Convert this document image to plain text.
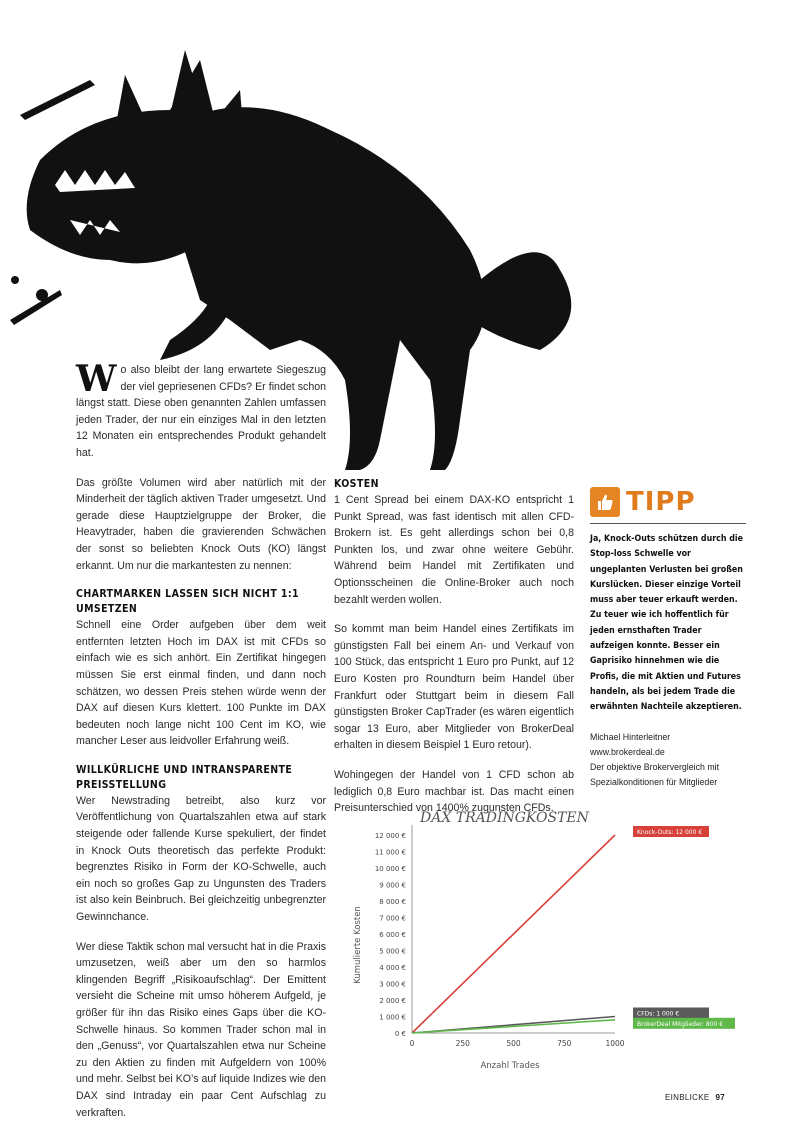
Wo also bleibt der lang erwartete Siegeszug der viel gepriesenen CFDs? Er findet schon längst statt. Diese oben genannten Zahlen umfassen jeden Trader, der nur ein einziges Mal in den letzten 12 Monaten ein entsprechendes Produkt gehandelt hat.

Das größte Volumen wird aber natürlich mit der Minderheit der täglich aktiven Trader umgesetzt. Und gerade diese Hauptzielgruppe der Broker, die Heavytrader, haben die gravierenden Schwächen der sonst so beliebten Knock Outs (KO) längst erkannt. Um nur die markantesten zu nennen:

CHARTMARKEN LASSEN SICH NICHT 1:1 UMSETZEN

Schnell eine Order aufgeben über dem weit entfernten letzten Hoch im DAX ist mit CFDs so einfach wie es sich anhört. Ein Zertifikat hingegen müssen Sie erst einmal finden, und dann noch schätzen, wo dessen Preis stehen würde wenn der DAX auf diesen Kurs klettert. 100 Punkte im DAX bedeuten noch lange nicht 100 Cent im KO, wie mancher Leser aus leidvoller Erfahrung weiß.

WILLKÜRLICHE UND INTRANSPARENTE PREISSTELLUNG

Wer Newstrading betreibt, also kurz vor Veröffentlichung von Quartalszahlen etwa auf stark steigende oder fallende Kurse spekuliert, der findet in Knock Outs theoretisch das perfekte Produkt: begrenztes Risiko in Form der KO-Schwelle, auch ein noch so großes Gap zu Ungunsten des Traders ist also kein Beinbruch. Bei gleichzeitig unbegrenzter Gewinnchance.

Wer diese Taktik schon mal versucht hat in die Praxis umzusetzen, weiß aber um den so harmlos klingenden Begriff „Risikoaufschlag“. Der Emittent versieht die Scheine mit umso höherem Aufgeld, je größer für ihn das Risiko eines Gaps über die KO-Schwelle hinaus. So kommen Trader schon mal in den „Genuss“, vor Quartalszahlen etwa nur Scheine zu den Aktien zu finden mit Aufgeldern von 100% und mehr. Selbst bei KO’s auf liquide Indizes wie den DAX sind Intraday ein paar Cent Aufschlag zu verkraften.

KOSTEN

1 Cent Spread bei einem DAX-KO entspricht 1 Punkt Spread, was fast identisch mit allen CFD-Brokern ist. Es geht allerdings schon bei 0,8 Punkten los, und zwar ohne weitere Gebühr. Während beim Handel mit Zertifikaten und Optionsscheinen die Online-Broker auch noch bezahlt werden wollen.

So kommt man beim Handel eines Zertifikats im günstigsten Fall bei einem An- und Verkauf von 100 Stück, das entspricht 1 Euro pro Punkt, auf 12 Euro Kosten pro Roundturn beim Handel über Frankfurt oder Stuttgart beim in diesem Fall günstigsten Broker CapTrader (es wären eigentlich sogar 13 Euro, aber Mitglieder von BrokerDeal erhalten in diesem Beispiel 1 Euro retour).

Wohingegen der Handel von 1 CFD schon ab lediglich 0,8 Euro machbar ist. Das macht einen Preisunterschied von 1400% zugunsten CFDs.

TIPP

Ja, Knock-Outs schützen durch die Stop-loss Schwelle vor ungeplanten Verlusten bei großen Kurslücken. Dieser einzige Vorteil muss aber teuer erkauft werden. Zu teuer wie ich hoffentlich für jeden ernsthaften Trader aufzeigen konnte. Besser ein Gaprisiko hinnehmen wie die Profis, die mit Aktien und Futures handeln, als bei jedem Trade die erwähnten Nachteile akzeptieren.

Michael Hinterleitner

www.brokerdeal.de

Der objektive Brokervergleich mit Spezialkonditionen für Mitglieder

DAX TRADINGKOSTEN
0 €
1 000 €
2 000 €
3 000 €
4 000 €
5 000 €
6 000 €
7 000 €
8 000 €
9 000 €
10 000 €
11 000 €
12 000 €
0	250	500	750	1000
Knock-Outs: 12 000 €
CFDs: 1 000 €
BrokerDeal Mitglieder: 800 €
Kumulierte Kosten
Anzahl Trades
EINBLICKE 97
